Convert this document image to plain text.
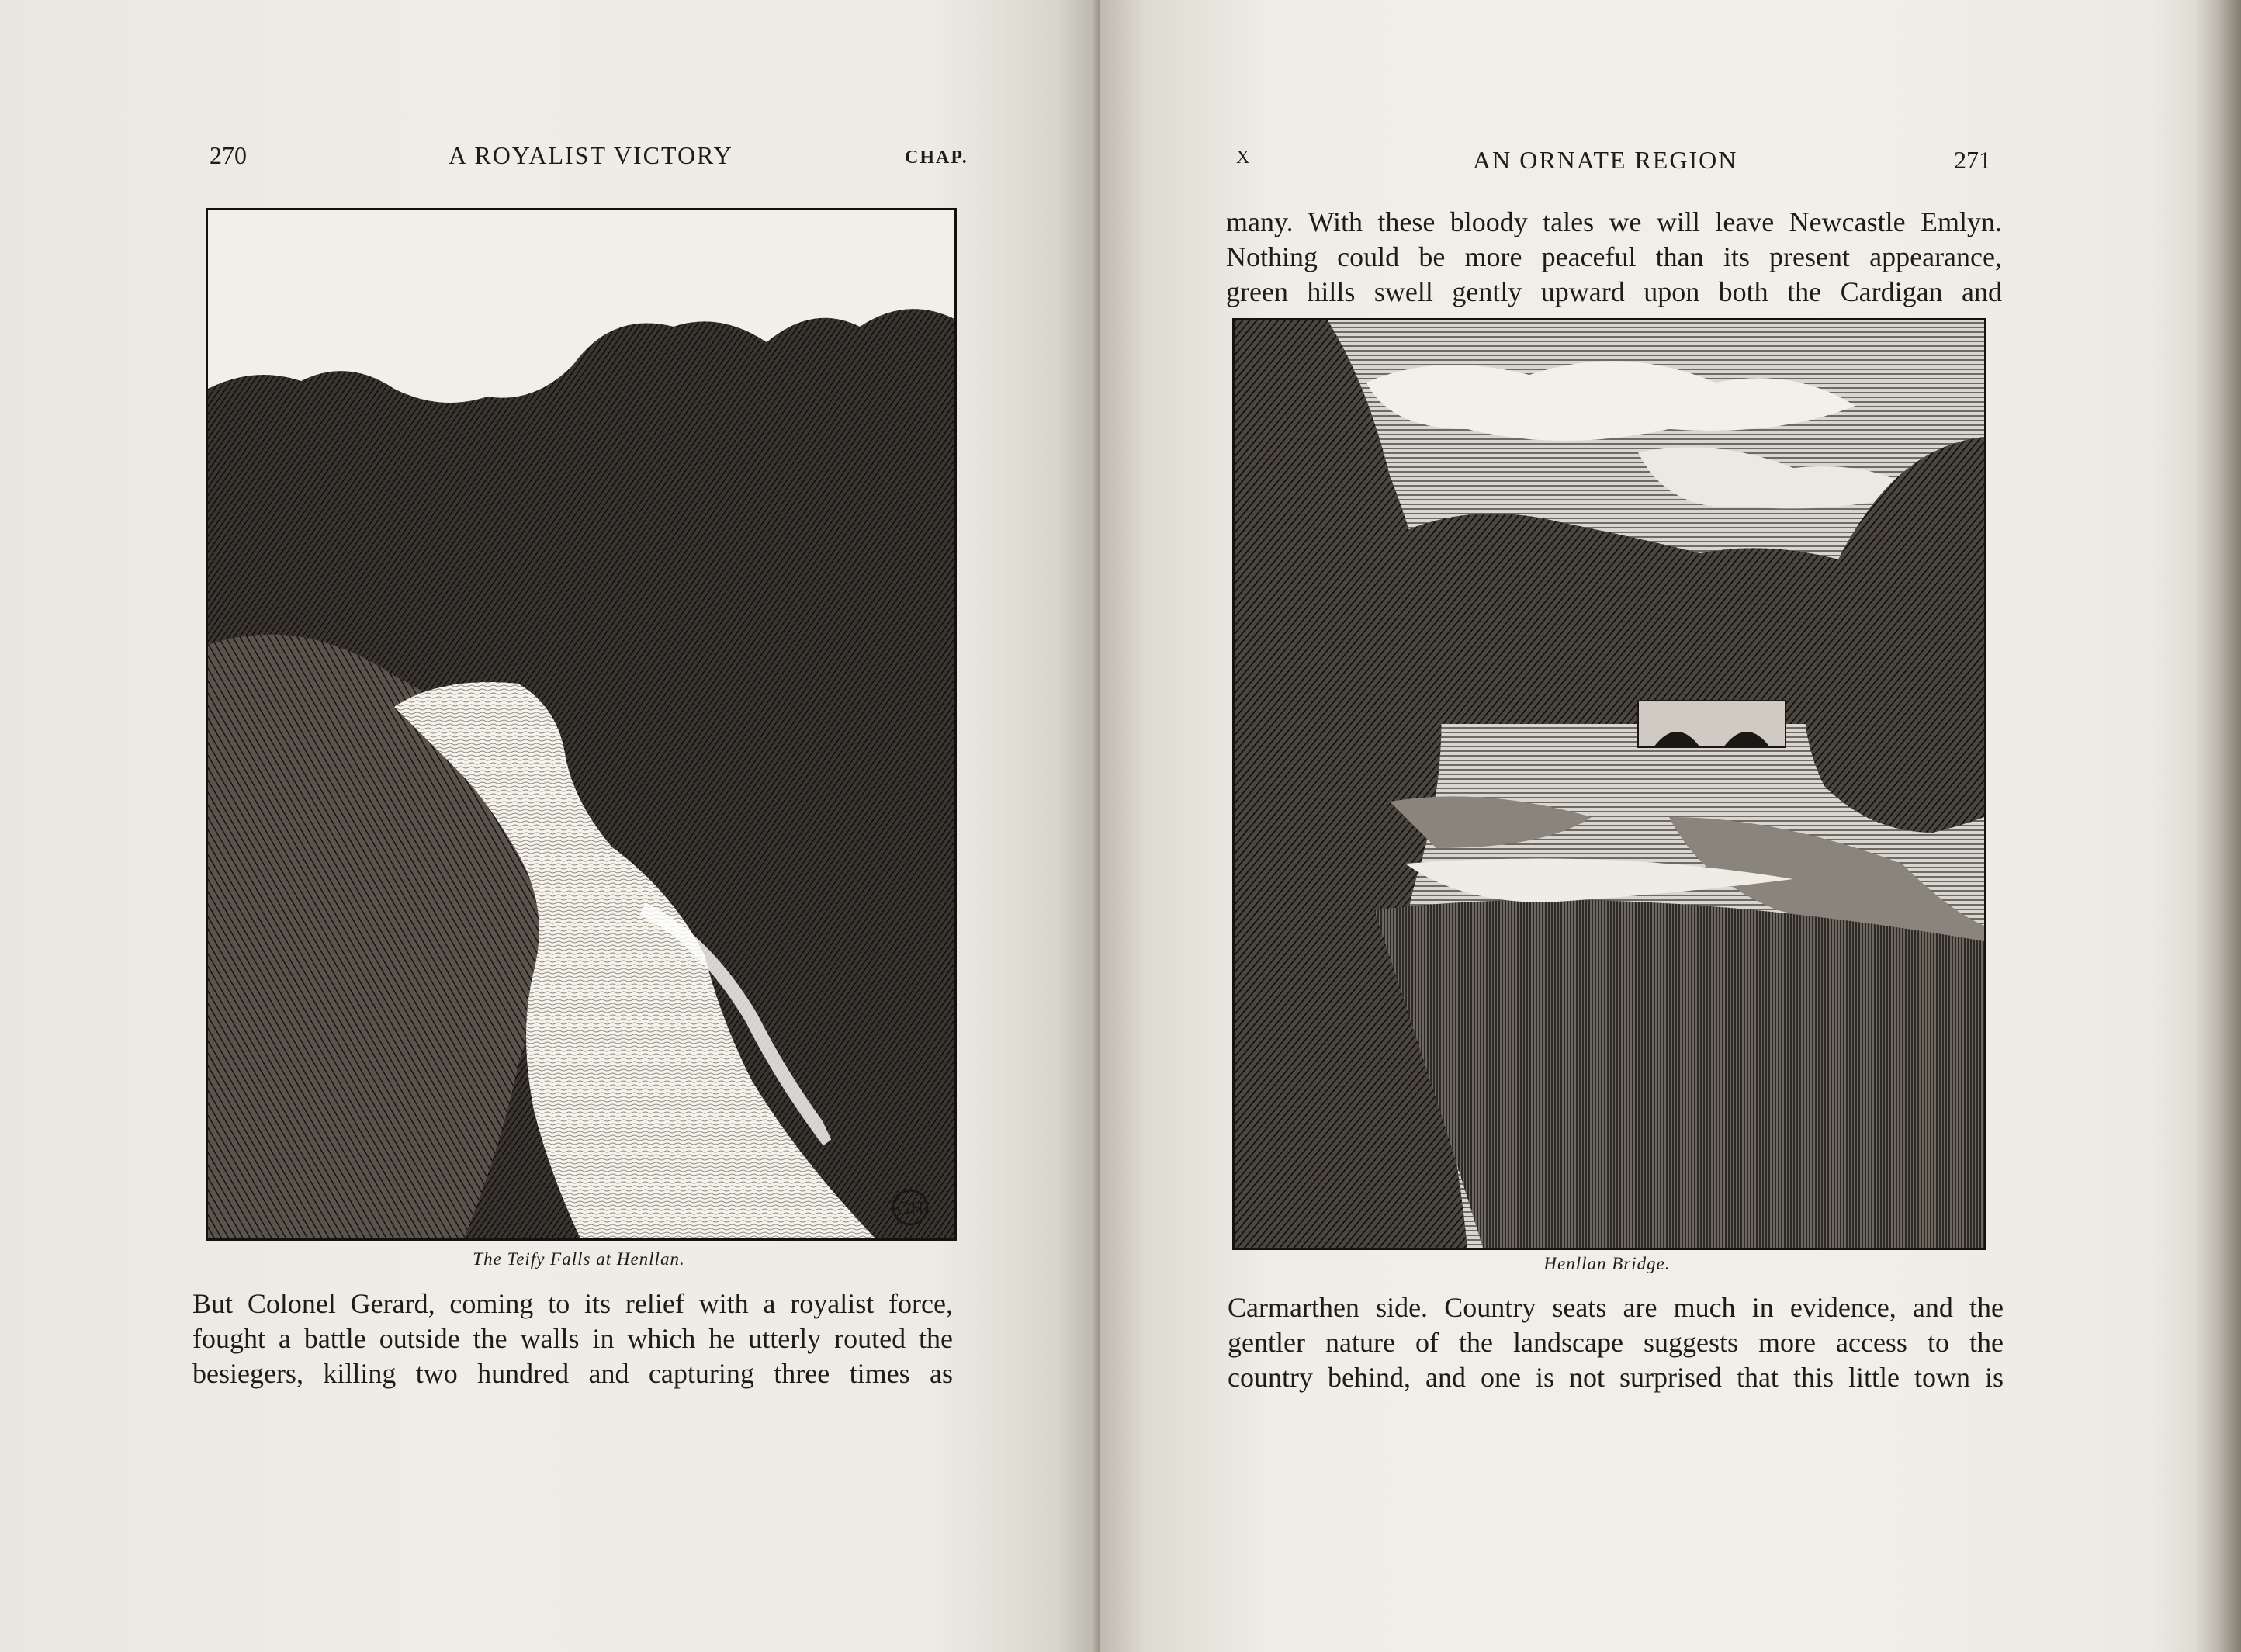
270	A ROYALIST VICTORY	CHAP.
GH
The Teify Falls at Henllan.
But Colonel Gerard, coming to its relief with a royalist force,
fought a battle outside the walls in which he utterly routed the
besiegers, killing two hundred and capturing three times as
X	AN ORNATE REGION	271
many. With these bloody tales we will leave Newcastle Emlyn.
Nothing could be more peaceful than its present appearance,
green hills swell gently upward upon both the Cardigan and
Henllan Bridge.
Carmarthen side. Country seats are much in evidence, and the
gentler nature of the landscape suggests more access to the
country behind, and one is not surprised that this little town is
